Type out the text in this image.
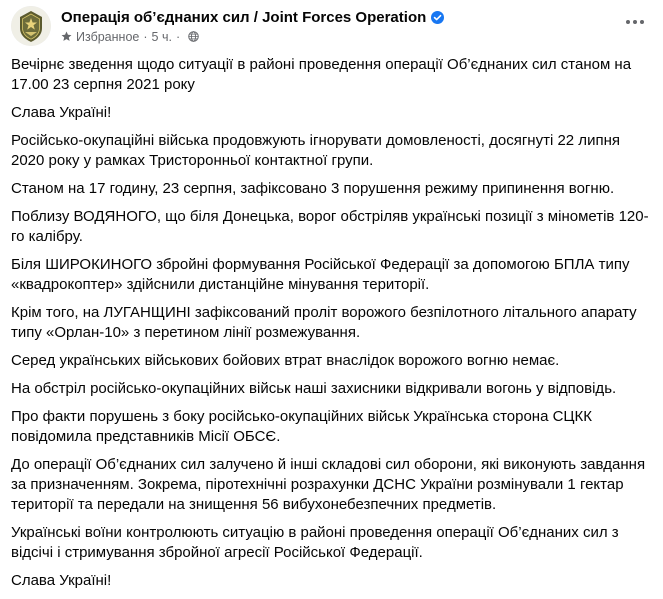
Операція об’єднаних сил / Joint Forces Operation
Избранное · 5 ч. ·

Вечірнє зведення щодо ситуації в районі проведення операції Об’єднаних сил станом на 17.00 23 серпня 2021 року

Слава Україні!

Російсько-окупаційні війська продовжують ігнорувати домовленості, досягнуті 22 липня 2020 року у рамках Тристоронньої контактної групи.

Станом на 17 годину, 23 серпня, зафіксовано 3 порушення режиму припинення вогню.

Поблизу ВОДЯНОГО, що біля Донецька, ворог обстріляв українські позиції з мінометів 120-го калібру.

Біля ШИРОКИНОГО збройні формування Російської Федерації за допомогою БПЛА типу «квадрокоптер» здійснили дистанційне мінування території.

Крім того, на ЛУГАНЩИНІ зафіксований проліт ворожого безпілотного літального апарату типу «Орлан-10» з перетином лінії розмежування.

Серед українських військових бойових втрат внаслідок ворожого вогню немає.

На обстріл російсько-окупаційних військ наші захисники відкривали вогонь у відповідь.

Про факти порушень з боку російсько-окупаційних військ Українська сторона СЦКК повідомила представників Місії ОБСЄ.

До операції Об’єднаних сил залучено й інші складові сил оборони, які виконують завдання за призначенням. Зокрема, піротехнічні розрахунки ДСНС України розмінували 1 гектар території та передали на знищення 56 вибухонебезпечних предметів.

Українські воїни контролюють ситуацію в районі проведення операції Об’єднаних сил з відсічі і стримування збройної агресії Російської Федерації.

Слава Україні!
